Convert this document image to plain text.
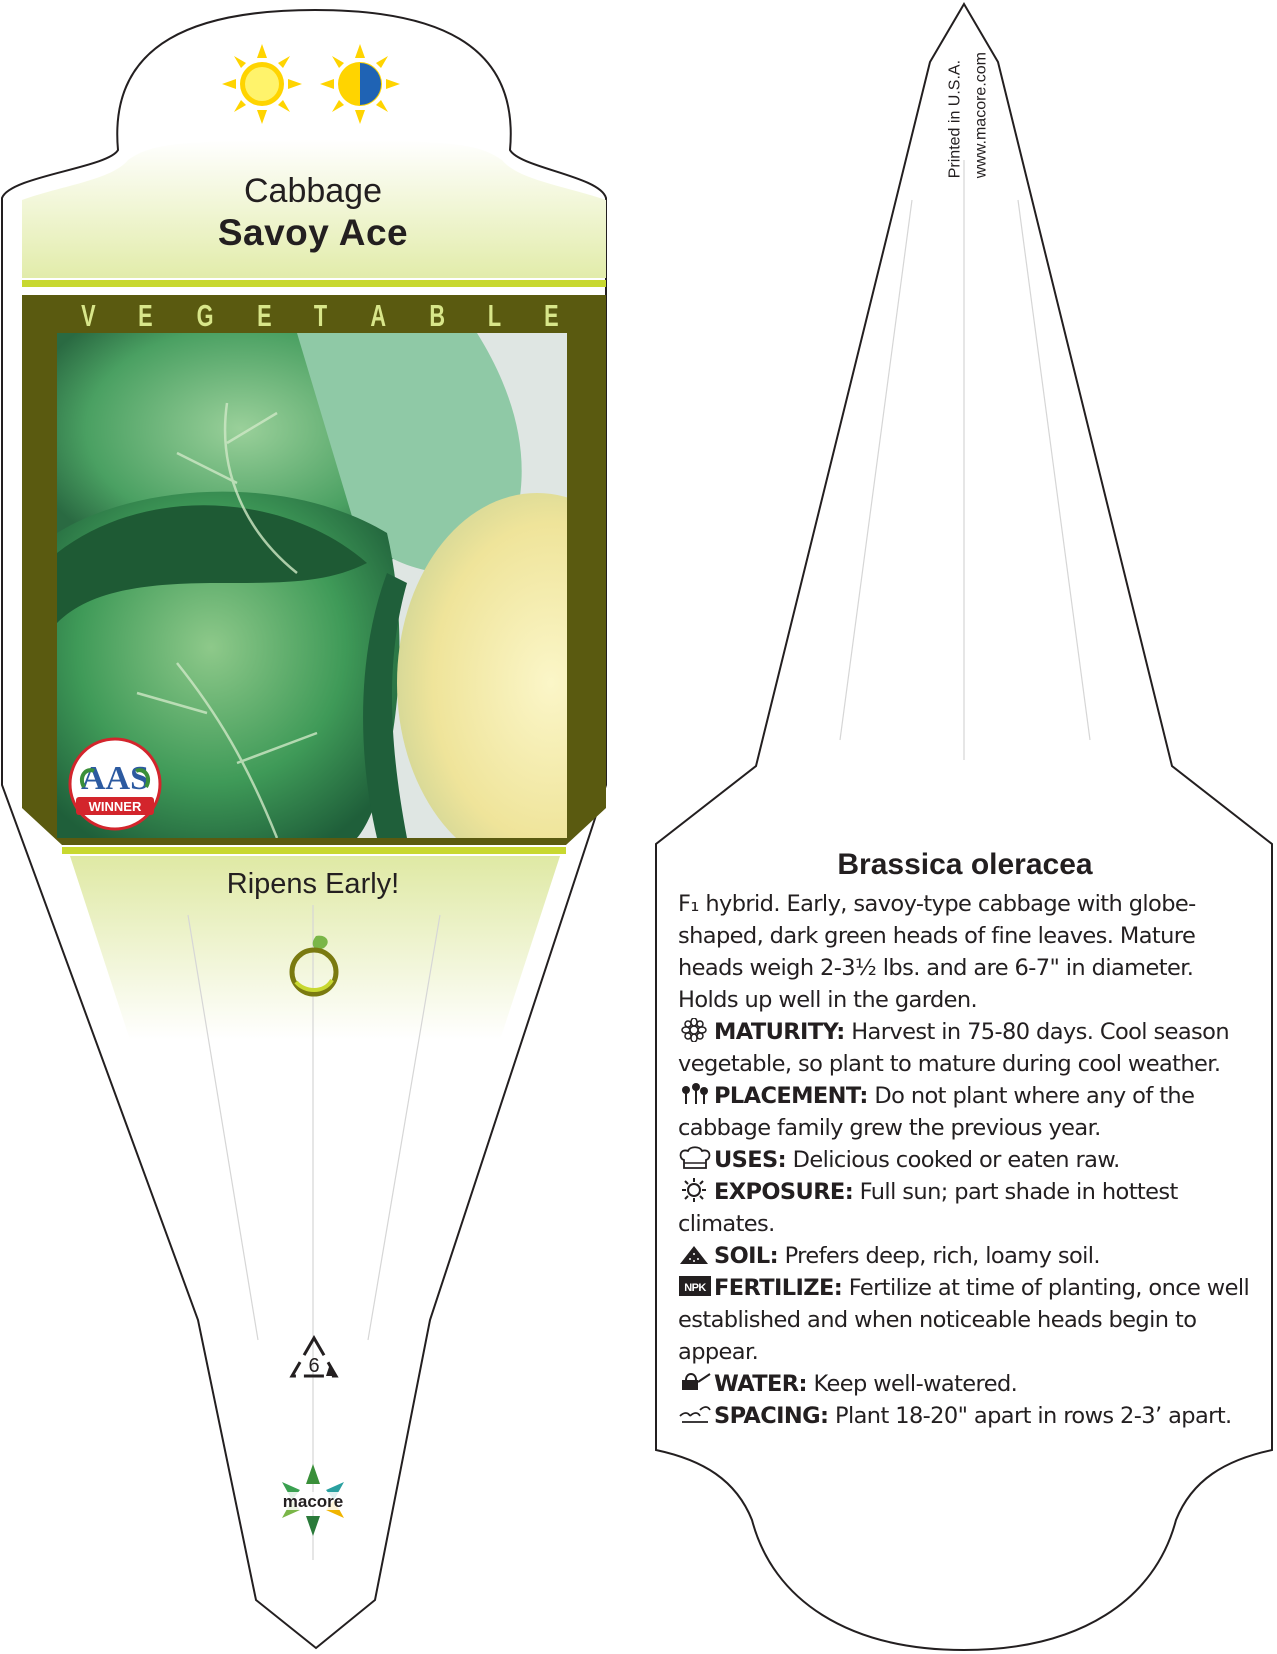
Cabbage
Savoy Ace
V E G E T A B L E
AAS
WINNER
Ripens Early!
6
macore
Printed in U.S.A. www.macore.com
Brassica oleracea

F₁ hybrid. Early, savoy-type cabbage with globe-shaped, dark green heads of fine leaves. Mature heads weigh 2-3½ lbs. and are 6-7" in diameter. Holds up well in the garden.

MATURITY: Harvest in 75-80 days. Cool season vegetable, so plant to mature during cool weather.

PLACEMENT: Do not plant where any of the cabbage family grew the previous year.

USES: Delicious cooked or eaten raw.

EXPOSURE: Full sun; part shade in hottest climates.

SOIL: Prefers deep, rich, loamy soil.

NPK FERTILIZE: Fertilize at time of planting, once well established and when noticeable heads begin to appear.

WATER: Keep well-watered.

SPACING: Plant 18-20" apart in rows 2-3’ apart.
